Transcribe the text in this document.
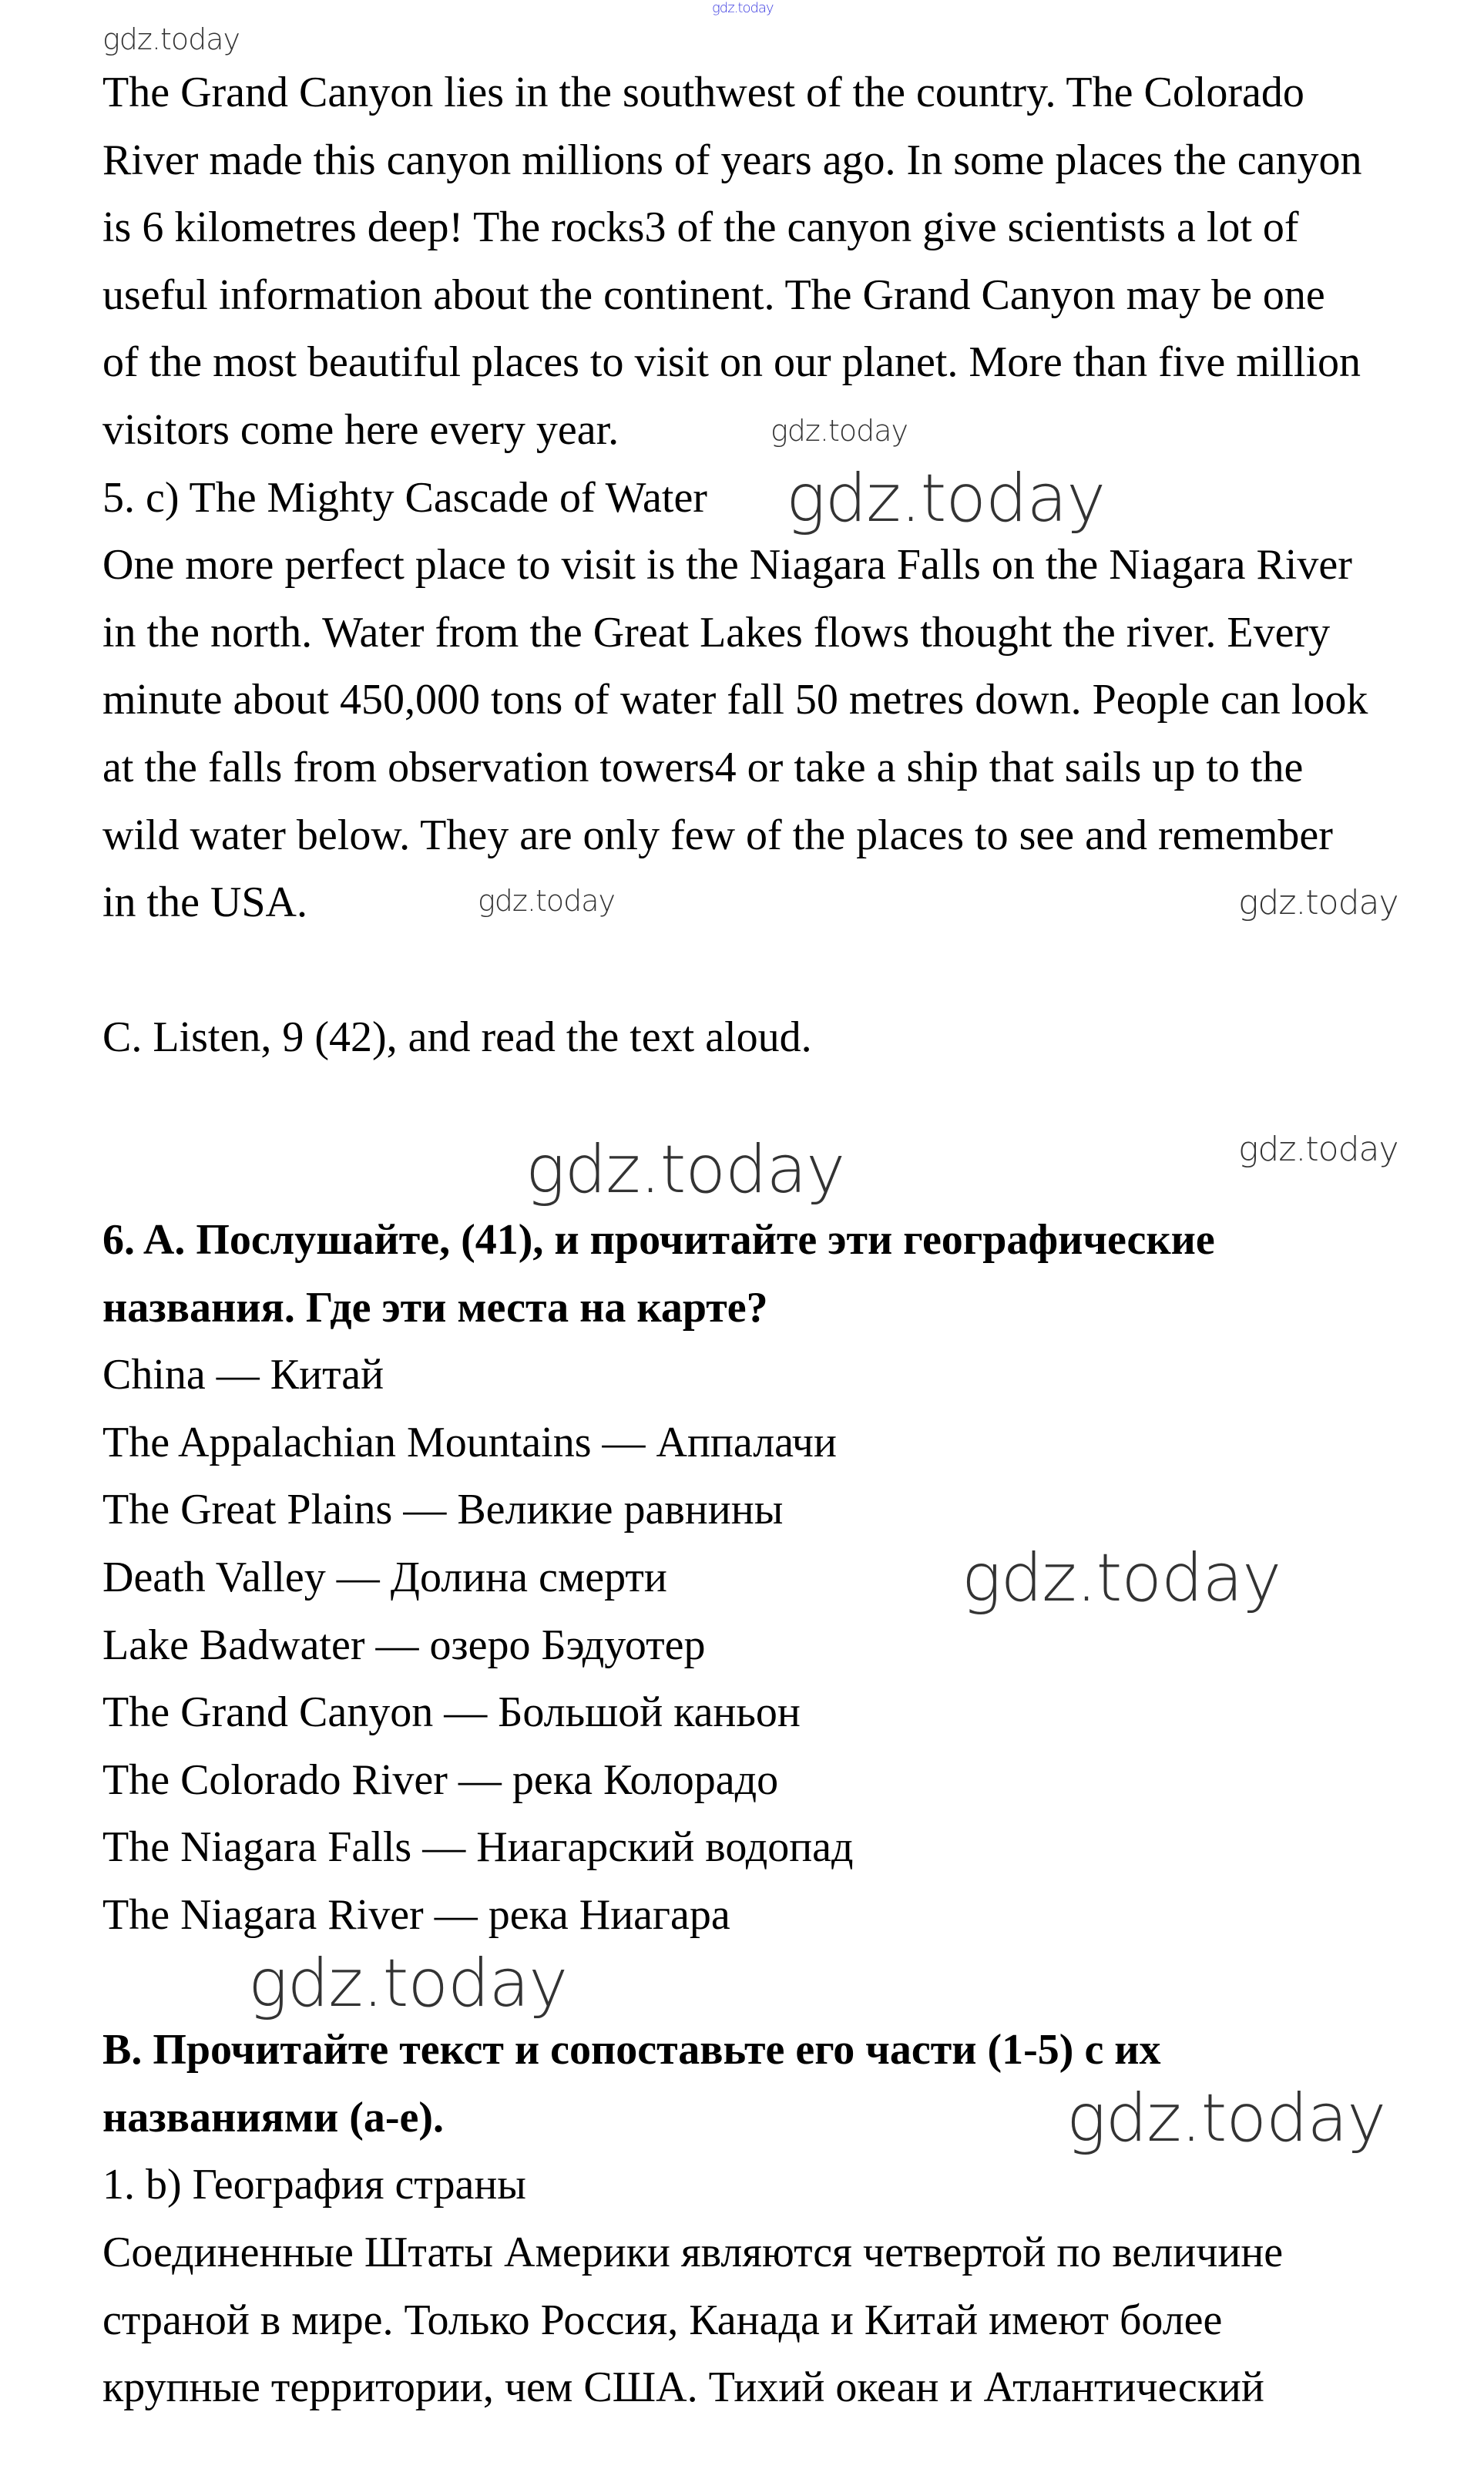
gdz.today
The Grand Canyon lies in the southwest of the country. The Colorado
River made this canyon millions of years ago. In some places the canyon
is 6 kilometres deep! The rocks3 of the canyon give scientists a lot of
useful information about the continent. The Grand Canyon may be one
of the most beautiful places to visit on our planet. More than five million
visitors come here every year.
5. c) The Mighty Cascade of Water
One more perfect place to visit is the Niagara Falls on the Niagara River
in the north. Water from the Great Lakes flows thought the river. Every
minute about 450,000 tons of water fall 50 metres down. People can look
at the falls from observation towers4 or take a ship that sails up to the
wild water below. They are only few of the places to see and remember
in the USA.
C. Listen, 9 (42), and read the text aloud.
6. A. Послушайте, (41), и прочитайте эти географические
названия. Где эти места на карте?
China — Китай
The Appalachian Mountains — Аппалачи
The Great Plains — Великие равнины
Death Valley — Долина смерти
Lake Badwater — озеро Бэдуотер
The Grand Canyon — Большой каньон
The Colorado River — река Колорадо
The Niagara Falls — Ниагарский водопад
The Niagara River — река Ниагара
B. Прочитайте текст и сопоставьте его части (1-5) с их
названиями (a-e).
1. b) География страны
Соединенные Штаты Америки являются четвертой по величине
страной в мире. Только Россия, Канада и Китай имеют более
крупные территории, чем США. Тихий океан и Атлантический
gdz.today
gdz.today
gdz.today
gdz.today	gdz.today
gdz.today
gdz.today
gdz.today
gdz.today
gdz.today
